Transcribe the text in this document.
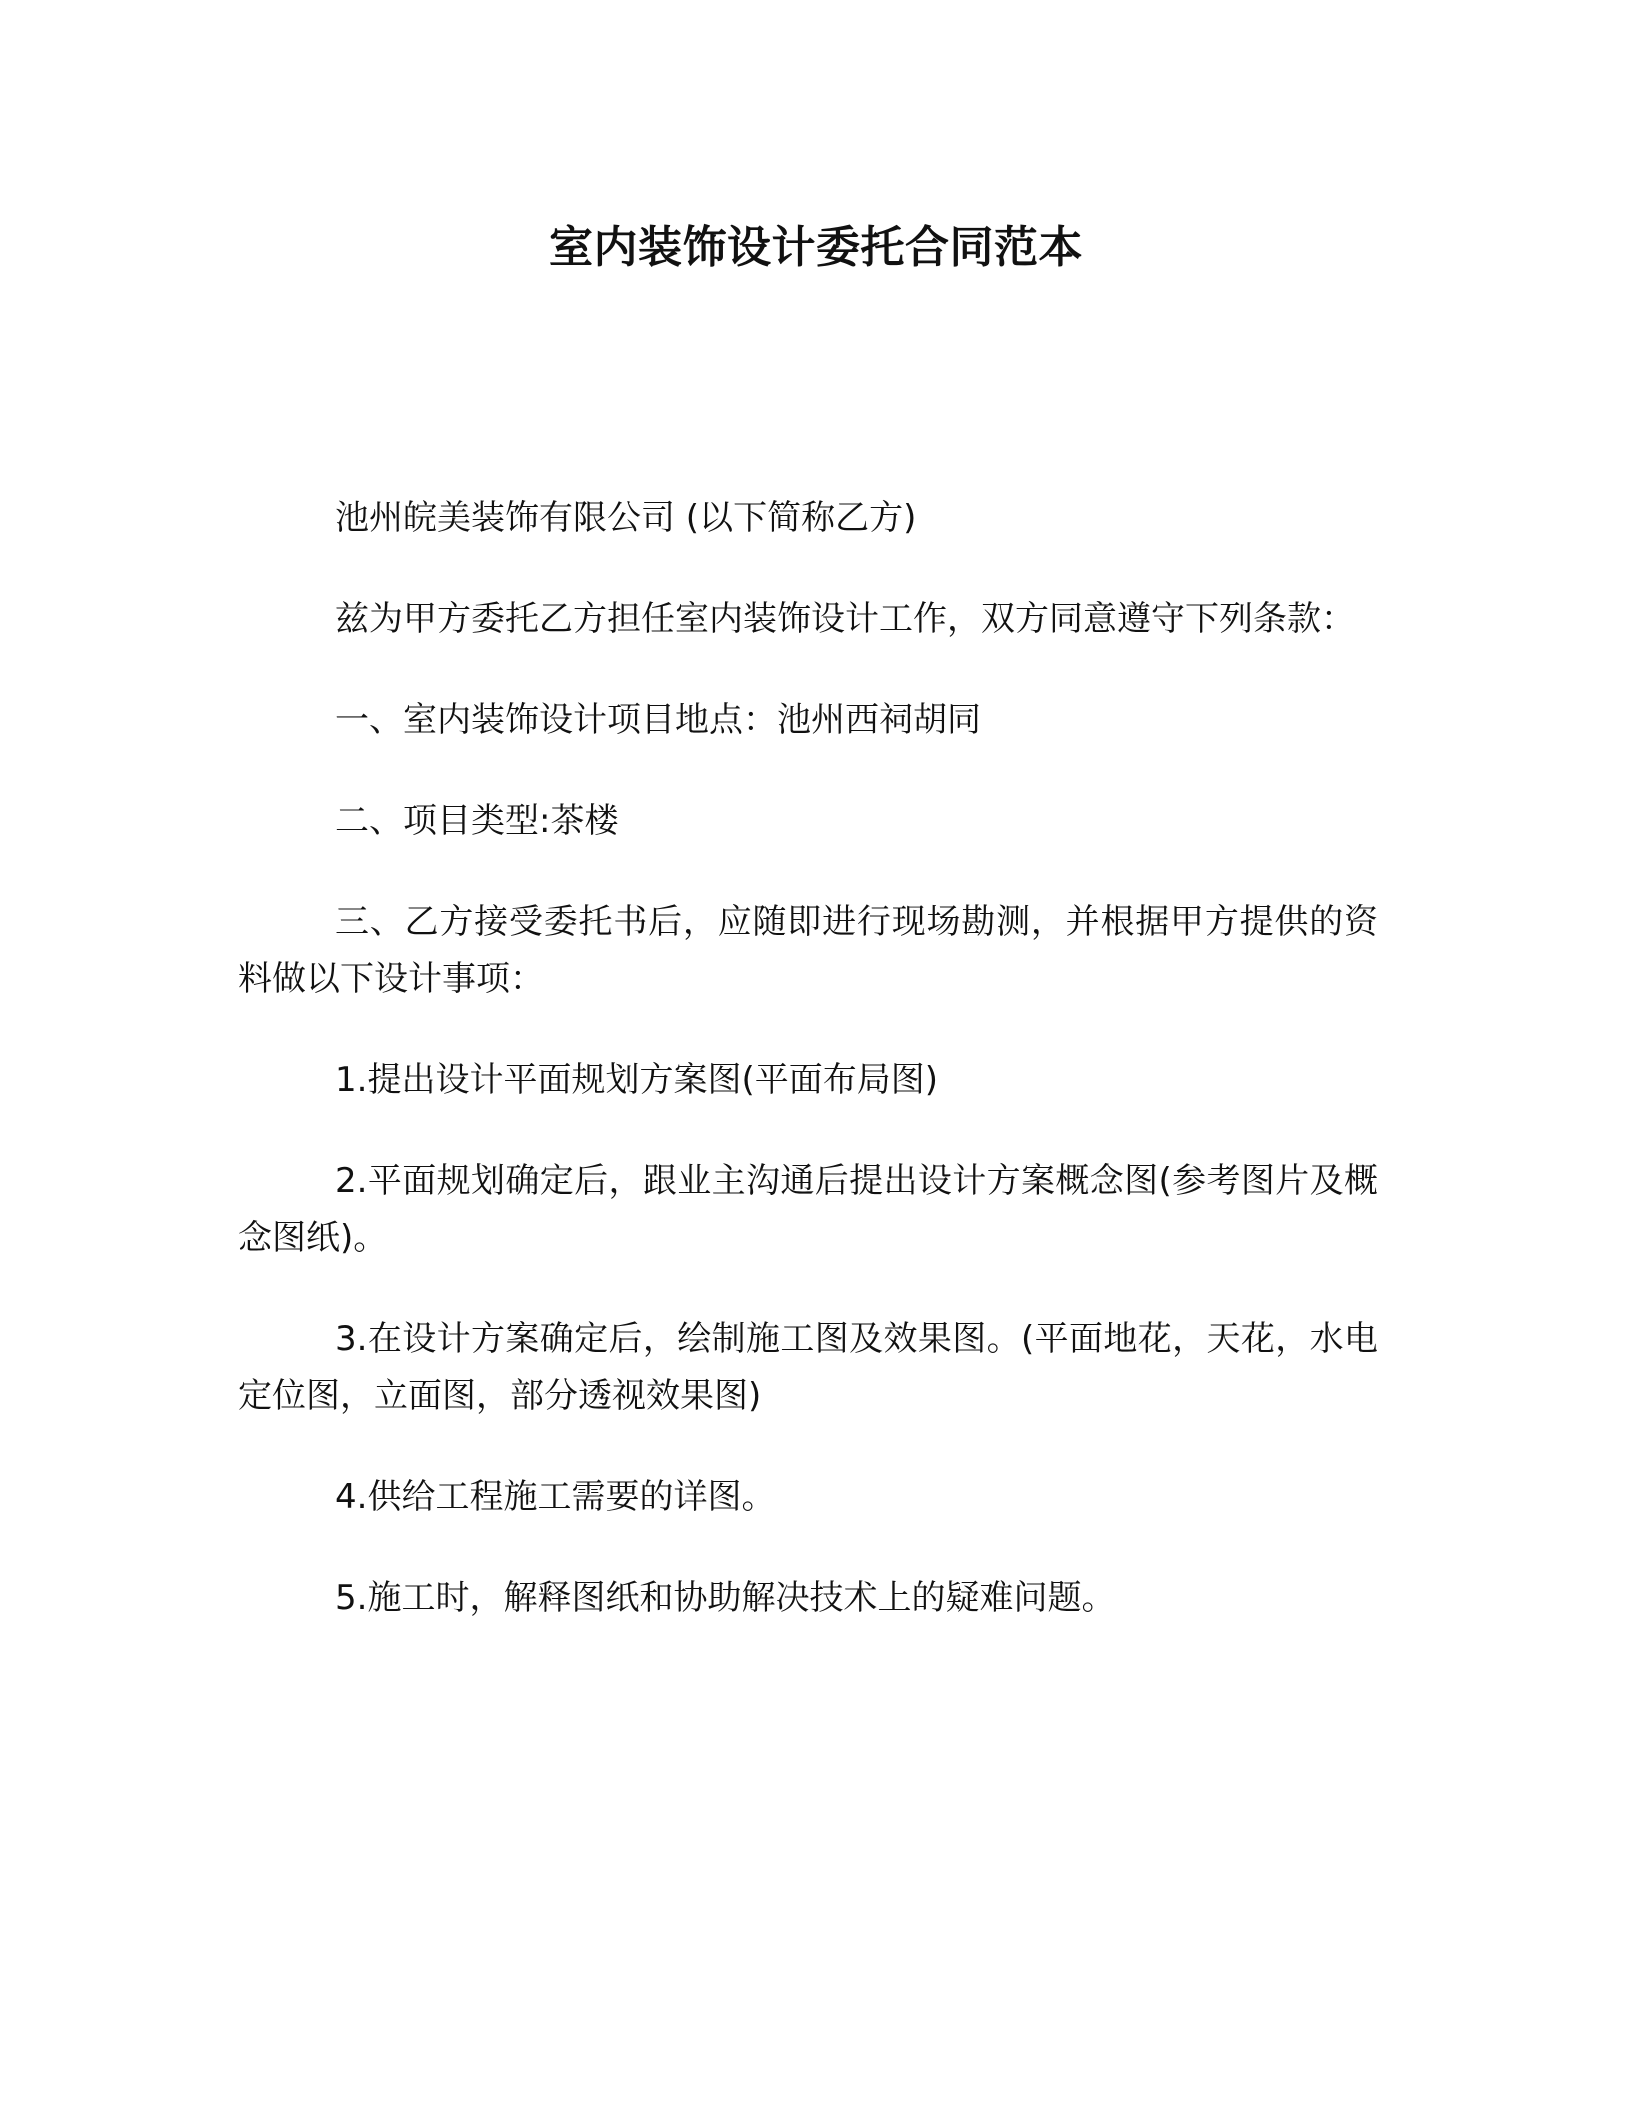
室内装饰设计委托合同范本

池州皖美装饰有限公司 (以下简称乙方)

兹为甲方委托乙方担任室内装饰设计工作，双方同意遵守下列条款：

一、室内装饰设计项目地点：池州西祠胡同

二、项目类型:茶楼

三、乙方接受委托书后，应随即进行现场勘测，并根据甲方提供的资料做以下设计事项：

1.提出设计平面规划方案图(平面布局图)

2.平面规划确定后，跟业主沟通后提出设计方案概念图(参考图片及概念图纸)。

3.在设计方案确定后，绘制施工图及效果图。(平面地花，天花，水电定位图，立面图，部分透视效果图)

4.供给工程施工需要的详图。

5.施工时，解释图纸和协助解决技术上的疑难问题。
